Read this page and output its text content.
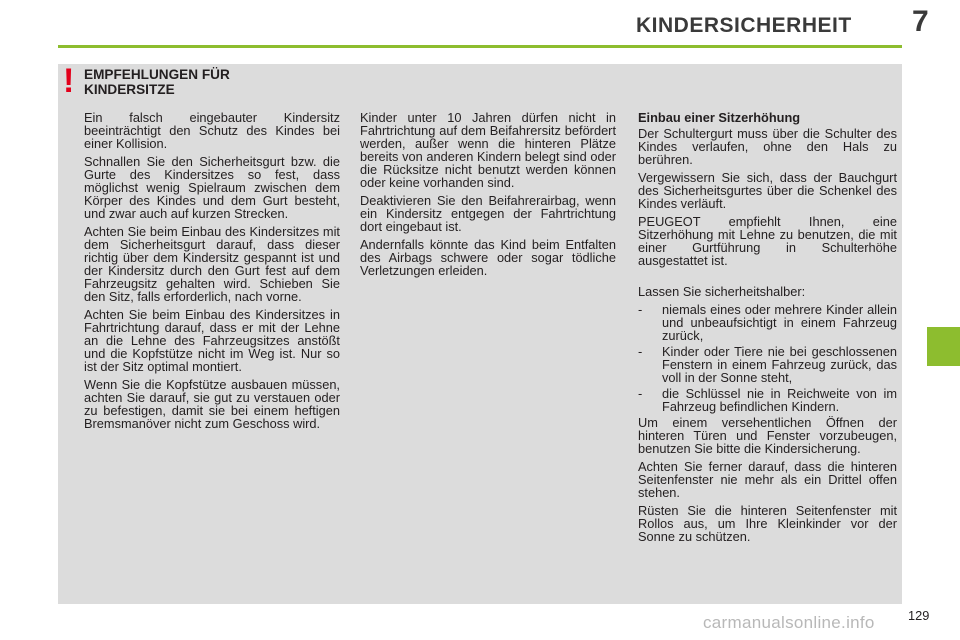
KINDERSICHERHEIT 7
! EMPFEHLUNGEN FÜR KINDERSITZE

Ein falsch eingebauter Kindersitz beeinträchtigt den Schutz des Kindes bei einer Kollision.

Schnallen Sie den Sicherheitsgurt bzw. die Gurte des Kindersitzes so fest, dass möglichst wenig Spielraum zwischen dem Körper des Kindes und dem Gurt besteht, und zwar auch auf kurzen Strecken.

Achten Sie beim Einbau des Kindersitzes mit dem Sicherheitsgurt darauf, dass dieser richtig über dem Kindersitz gespannt ist und der Kindersitz durch den Gurt fest auf dem Fahrzeugsitz gehalten wird. Schieben Sie den Sitz, falls erforderlich, nach vorne.

Achten Sie beim Einbau des Kindersitzes in Fahrtrichtung darauf, dass er mit der Lehne an die Lehne des Fahrzeugsitzes anstößt und die Kopfstütze nicht im Weg ist. Nur so ist der Sitz optimal montiert.

Wenn Sie die Kopfstütze ausbauen müssen, achten Sie darauf, sie gut zu verstauen oder zu befestigen, damit sie bei einem heftigen Bremsmanöver nicht zum Geschoss wird.

Kinder unter 10 Jahren dürfen nicht in Fahrtrichtung auf dem Beifahrersitz befördert werden, außer wenn die hinteren Plätze bereits von anderen Kindern belegt sind oder die Rücksitze nicht benutzt werden können oder keine vorhanden sind.

Deaktivieren Sie den Beifahrerairbag, wenn ein Kindersitz entgegen der Fahrtrichtung dort eingebaut ist.

Andernfalls könnte das Kind beim Entfalten des Airbags schwere oder sogar tödliche Verletzungen erleiden.

Einbau einer Sitzerhöhung

Der Schultergurt muss über die Schulter des Kindes verlaufen, ohne den Hals zu berühren.

Vergewissern Sie sich, dass der Bauchgurt des Sicherheitsgurtes über die Schenkel des Kindes verläuft.

PEUGEOT empfiehlt Ihnen, eine Sitzerhöhung mit Lehne zu benutzen, die mit einer Gurtführung in Schulterhöhe ausgestattet ist.

Lassen Sie sicherheitshalber:

-	niemals eines oder mehrere Kinder allein und unbeaufsichtigt in einem Fahrzeug zurück,
-	Kinder oder Tiere nie bei geschlossenen Fenstern in einem Fahrzeug zurück, das voll in der Sonne steht,
-	die Schlüssel nie in Reichweite von im Fahrzeug befindlichen Kindern.

Um einem versehentlichen Öffnen der hinteren Türen und Fenster vorzubeugen, benutzen Sie bitte die Kindersicherung.

Achten Sie ferner darauf, dass die hinteren Seitenfenster nie mehr als ein Drittel offen stehen.

Rüsten Sie die hinteren Seitenfenster mit Rollos aus, um Ihre Kleinkinder vor der Sonne zu schützen.

129
carmanualsonline.info
